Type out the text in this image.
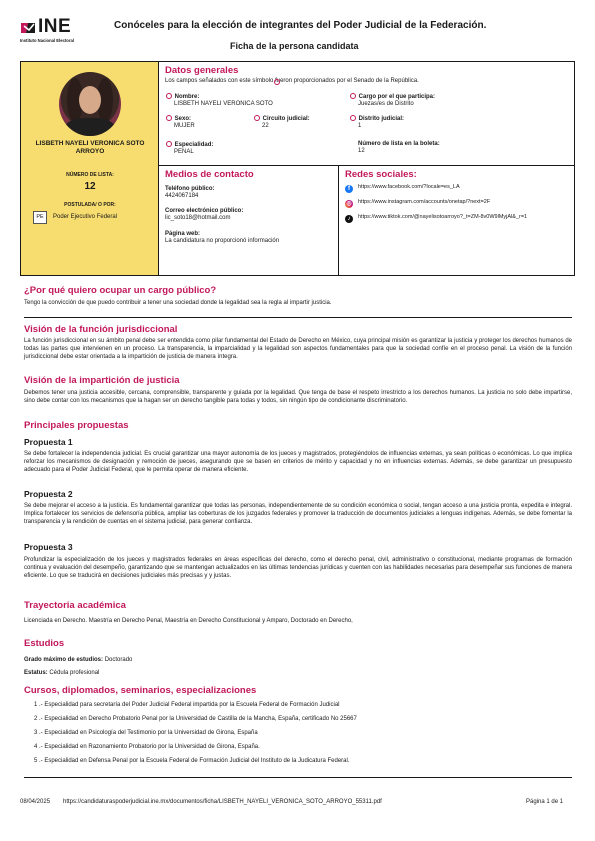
INE
Instituto Nacional Electoral
Conóceles para la elección de integrantes del Poder Judicial de la Federación.
Ficha de la persona candidata
LISBETH NAYELI VERONICA SOTO ARROYO
NÚMERO DE LISTA:
12
POSTULADA/ O POR:
PE	Poder Ejecutivo Federal
Datos generales
Los campos señalados con este símbolo fueron proporcionados por el Senado de la República.
Nombre:
LISBETH NAYELI VERONICA SOTO
Cargo por el que participa:
Juezas/es de Distrito
Sexo:
MUJER
Circuito judicial:
22
Distrito judicial:
1
Especialidad:
PENAL
Número de lista en la boleta:
12
Medios de contacto
Teléfono público:
4424067184
Correo electrónico público:
lic_soto18@hotmail.com
Página web:
La candidatura no proporcionó información
Redes sociales:
f https://www.facebook.com/?locale=es_LA
◎ https://www.instagram.com/accounts/onetap/?next=2F
♪ https://www.tiktok.com/@nayelisotoarroyo?_t=ZM-8v0W9lMyjAl&_r=1
¿Por qué quiero ocupar un cargo público?
Tengo la convicción de que puedo contribuir a tener una sociedad donde la legalidad sea la regla al impartir justicia.
Visión de la función jurisdiccional
La función jurisdiccional en su ámbito penal debe ser entendida como pilar fundamental del Estado de Derecho en México, cuya principal misión es garantizar la justicia y proteger los derechos humanos de todas las partes que intervienen en un proceso. La transparencia, la imparcialidad y la legalidad son aspectos fundamentales para que la sociedad confíe en el proceso penal. La visión de la función jurisdiccional debe estar orientada a la impartición de justicia de manera íntegra.
Visión de la impartición de justicia
Debemos tener una justicia accesible, cercana, comprensible, transparente y guiada por la legalidad. Que tenga de base el respeto irrestricto a los derechos humanos. La justicia no solo debe impartirse, sino debe contar con los mecanismos que la hagan ser un derecho tangible para todas y todos, sin ningún tipo de condicionante discriminatorio.
Principales propuestas
Propuesta 1
Se debe fortalecer la independencia judicial. Es crucial garantizar una mayor autonomía de los jueces y magistrados, protegiéndolos de influencias externas, ya sean políticas o económicas. Lo que implica reforzar los mecanismos de designación y remoción de jueces, asegurando que se basen en criterios de mérito y capacidad y no en influencias externas. Además, se debe garantizar un presupuesto adecuado para el Poder Judicial Federal, que le permita operar de manera eficiente.
Propuesta 2
Se debe mejorar el acceso a la justicia. Es fundamental garantizar que todas las personas, independientemente de su condición económica o social, tengan acceso a una justicia pronta, expedita e integral. Implica fortalecer los servicios de defensoría pública, ampliar las coberturas de los juzgados federales y promover la traducción de documentos judiciales a lenguas indígenas. Además, se debe fomentar la transparencia y la rendición de cuentas en el sistema judicial, para generar confianza.
Propuesta 3
Profundizar la especialización de los jueces y magistrados federales en áreas específicas del derecho, como el derecho penal, civil, administrativo o constitucional, mediante programas de formación continua y evaluación del desempeño, garantizando que se mantengan actualizados en las últimas tendencias jurídicas y cuenten con las habilidades necesarias para desempeñar sus funciones de manera eficiente. Lo que se traducirá en decisiones judiciales más precisas y y justas.
Trayectoria académica
Licenciada en Derecho. Maestría en Derecho Penal, Maestría en Derecho Constitucional y Amparo, Doctorado en Derecho,
Estudios
Grado máximo de estudios: Doctorado
Estatus: Cédula profesional
Cursos, diplomados, seminarios, especializaciones
1 .- Especialidad para secretaría del Poder Judicial Federal impartida por la Escuela Federal de Formación Judicial
2 .- Especialidad en Derecho Probatorio Penal por la Universidad de Castilla de la Mancha, España, certificado No 25667
3 .- Especialidad en Psicología del Testimonio por la Universidad de Girona, España
4 .- Especialidad en Razonamiento Probatorio por la Universidad de Girona, España.
5 .- Especialidad en Defensa Penal por la Escuela Federal de Formación Judicial del Instituto de la Judicatura Federal.
08/04/2025 https://candidaturaspoderjudicial.ine.mx/documentos/ficha/LISBETH_NAYELI_VERONICA_SOTO_ARROYO_55311.pdf	Página 1 de 1
